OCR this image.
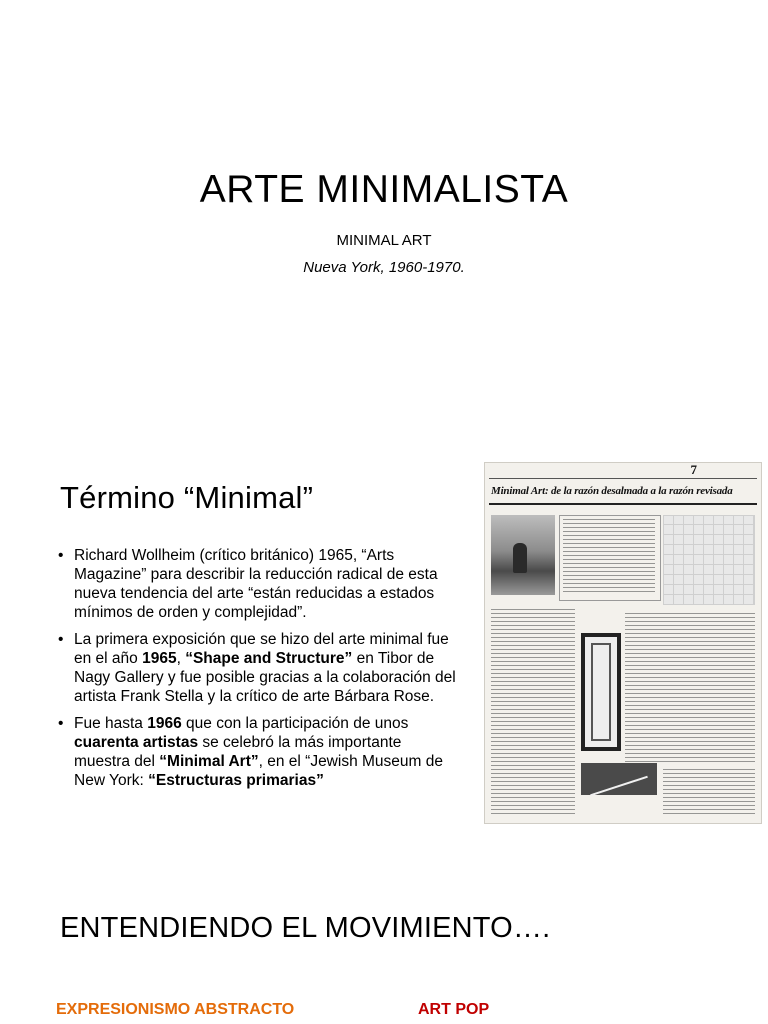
ARTE MINIMALISTA
MINIMAL ART
Nueva York, 1960-1970.
Término “Minimal”
• Richard Wollheim (crítico británico) 1965, “Arts Magazine” para describir la reducción radical de esta nueva tendencia del arte “están reducidas a estados mínimos de orden y complejidad”.
• La primera exposición que se hizo del arte minimal fue en el año 1965, “Shape and Structure” en Tibor de Nagy Gallery y fue posible gracias a la colaboración del artista Frank Stella y la crítico de arte Bárbara Rose.
• Fue hasta 1966 que con la participación de unos cuarenta artistas se celebró la más importante muestra del “Minimal Art”, en el “Jewish Museum de New York: “Estructuras primarias”
7
Minimal Art: de la razón desalmada a la razón revisada
ENTENDIENDO EL MOVIMIENTO….
EXPRESIONISMO ABSTRACTO	ART POP
